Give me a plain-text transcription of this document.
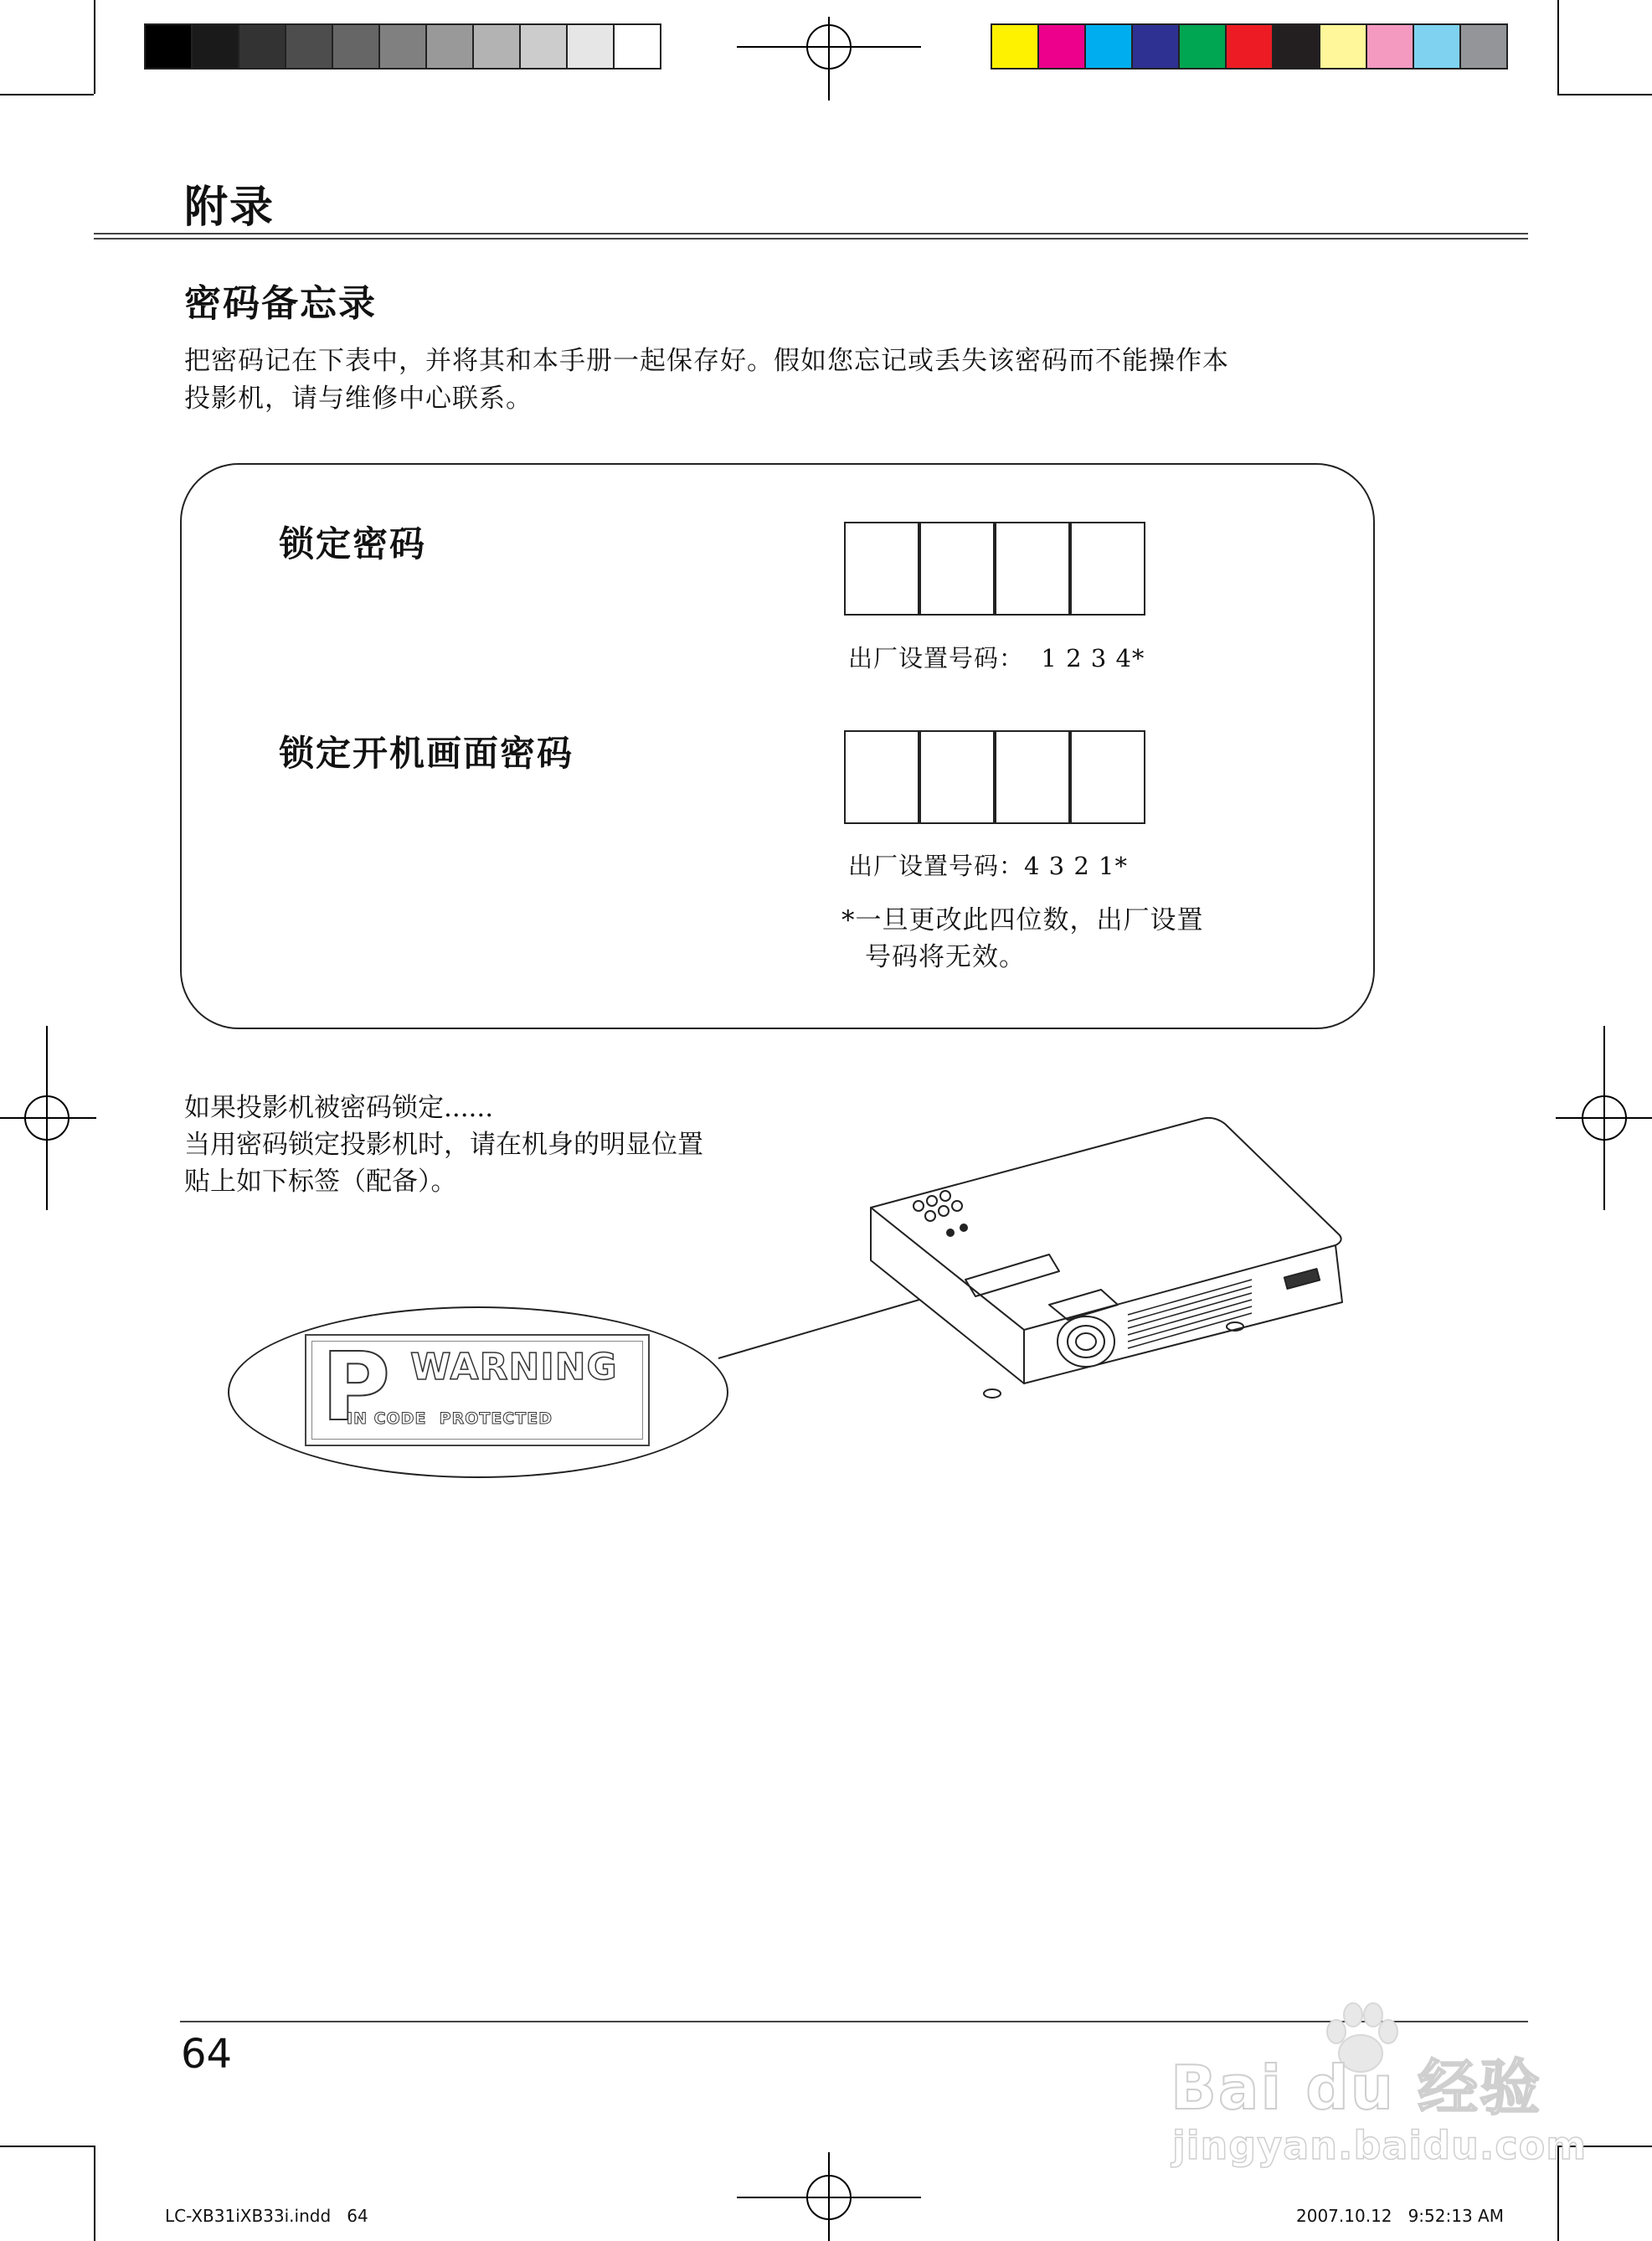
附录
密码备忘录
把密码记在下表中，并将其和本手册一起保存好。假如您忘记或丢失该密码而不能操作本
投影机，请与维修中心联系。
锁定密码
出厂设置号码：  1 2 3 4*
锁定开机画面密码
出厂设置号码：4 3 2 1*
*一旦更改此四位数，出厂设置
号码将无效。
如果投影机被密码锁定......
当用密码锁定投影机时，请在机身的明显位置
贴上如下标签（配备）。
P WARNING
IN CODE  PROTECTED
64
LC-XB31iXB33i.indd   64	2007.10.12   9:52:13 AM
Bai du 经验
jingyan.baidu.com
